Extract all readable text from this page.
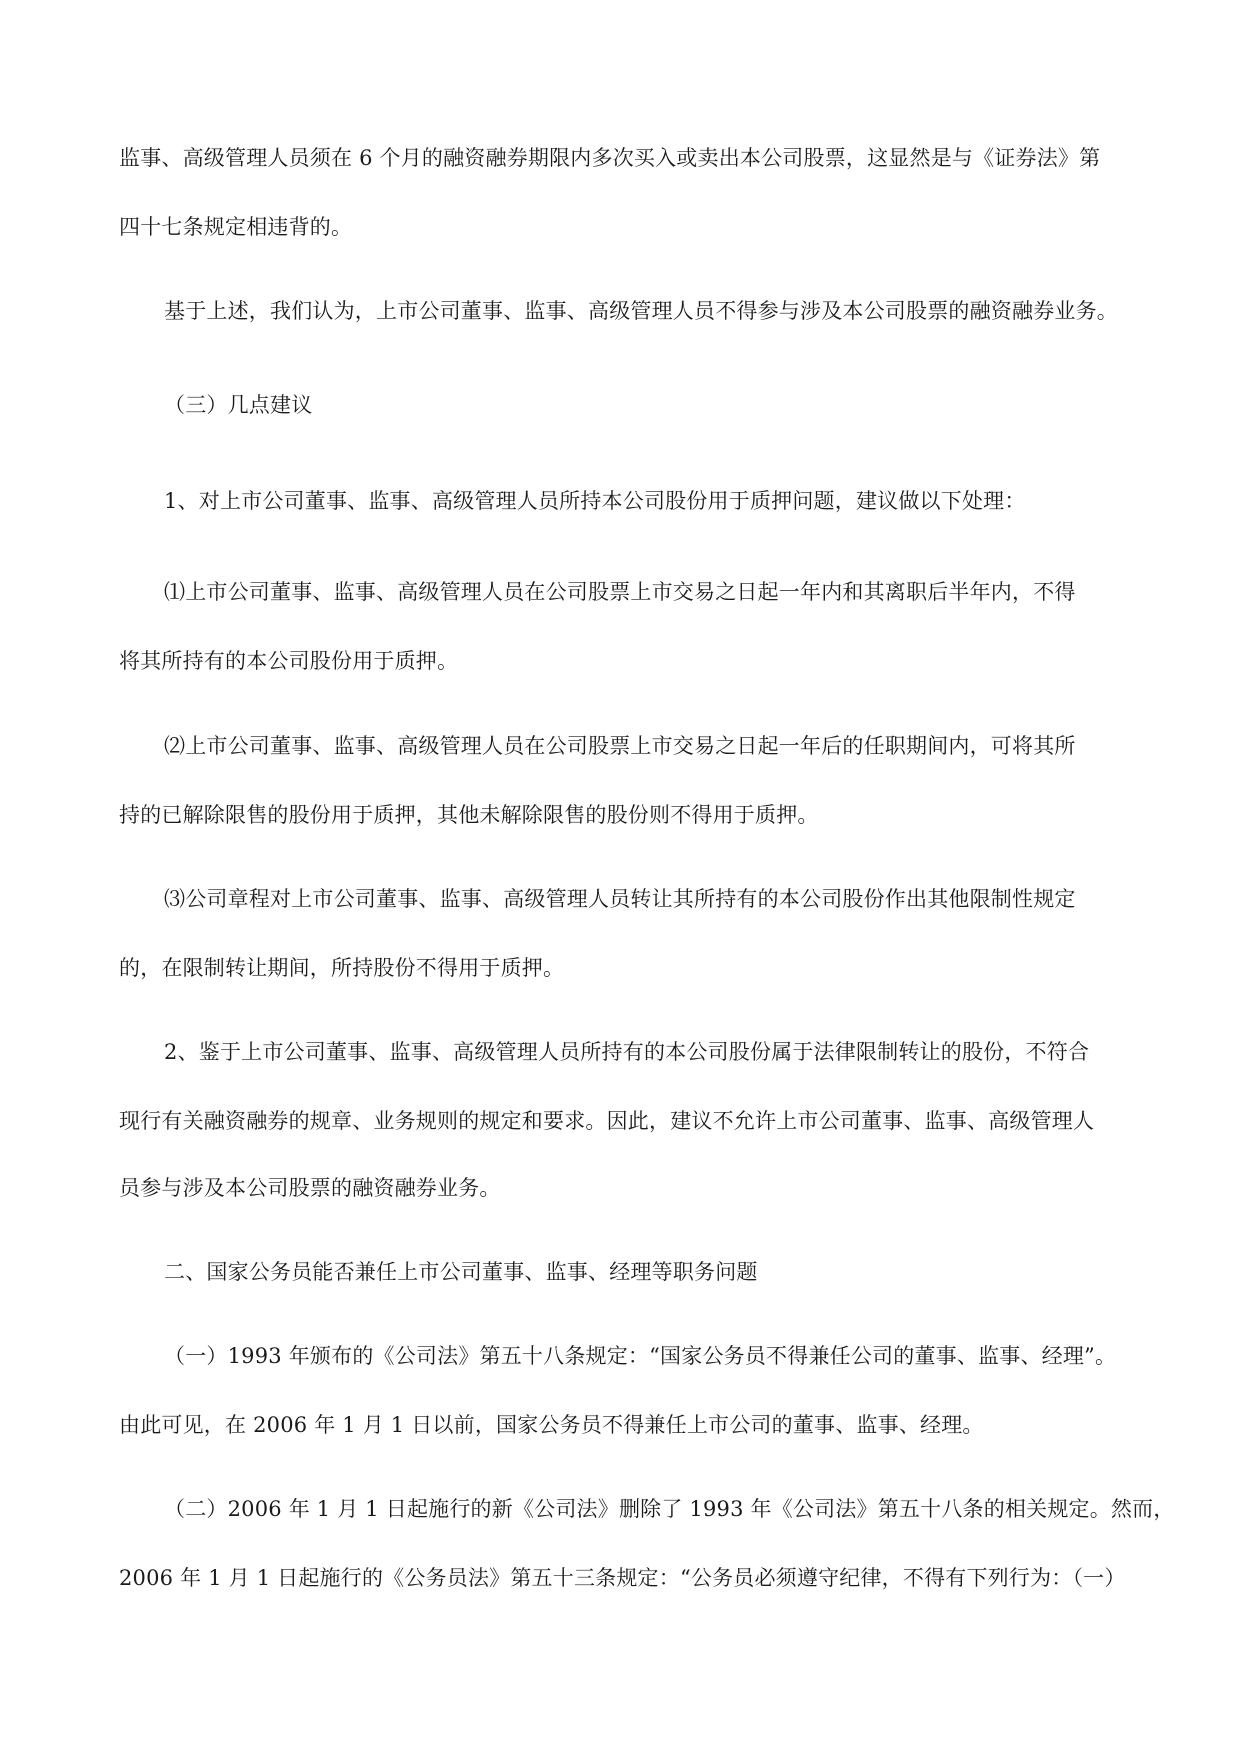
监事、高级管理人员须在 6 个月的融资融券期限内多次买入或卖出本公司股票，这显然是与《证券法》第
四十七条规定相违背的。
基于上述，我们认为，上市公司董事、监事、高级管理人员不得参与涉及本公司股票的融资融券业务。
（三）几点建议
1、对上市公司董事、监事、高级管理人员所持本公司股份用于质押问题，建议做以下处理：
⑴上市公司董事、监事、高级管理人员在公司股票上市交易之日起一年内和其离职后半年内，不得
将其所持有的本公司股份用于质押。
⑵上市公司董事、监事、高级管理人员在公司股票上市交易之日起一年后的任职期间内，可将其所
持的已解除限售的股份用于质押，其他未解除限售的股份则不得用于质押。
⑶公司章程对上市公司董事、监事、高级管理人员转让其所持有的本公司股份作出其他限制性规定
的，在限制转让期间，所持股份不得用于质押。
2、鉴于上市公司董事、监事、高级管理人员所持有的本公司股份属于法律限制转让的股份，不符合
现行有关融资融券的规章、业务规则的规定和要求。因此，建议不允许上市公司董事、监事、高级管理人
员参与涉及本公司股票的融资融券业务。
二、国家公务员能否兼任上市公司董事、监事、经理等职务问题
（一）1993 年颁布的《公司法》第五十八条规定：“国家公务员不得兼任公司的董事、监事、经理”。
由此可见，在 2006 年 1 月 1 日以前，国家公务员不得兼任上市公司的董事、监事、经理。
（二）2006 年 1 月 1 日起施行的新《公司法》删除了 1993 年《公司法》第五十八条的相关规定。然而，
2006 年 1 月 1 日起施行的《公务员法》第五十三条规定：“公务员必须遵守纪律，不得有下列行为：（一）
